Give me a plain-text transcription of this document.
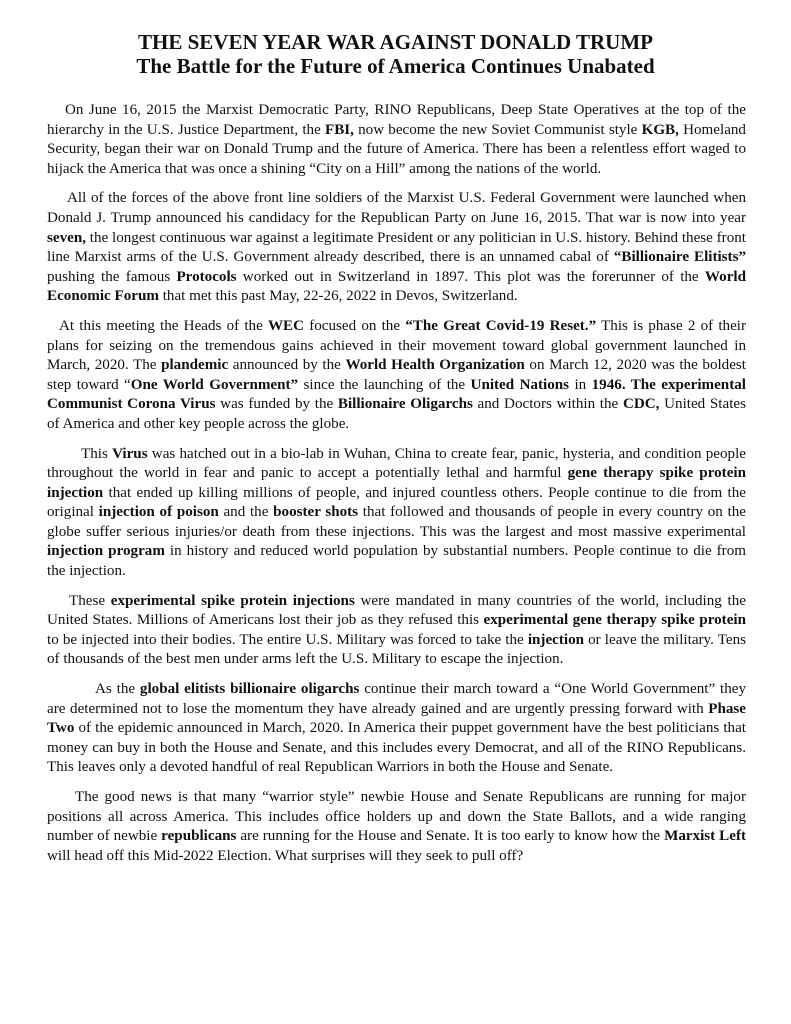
THE SEVEN YEAR WAR AGAINST DONALD TRUMP
The Battle for the Future of America Continues Unabated

On June 16, 2015 the Marxist Democratic Party, RINO Republicans, Deep State Operatives at the top of the hierarchy in the U.S. Justice Department, the FBI, now become the new Soviet Communist style KGB, Homeland Security, began their war on Donald Trump and the future of America. There has been a relentless effort waged to hijack the America that was once a shining “City on a Hill” among the nations of the world.

All of the forces of the above front line soldiers of the Marxist U.S. Federal Government were launched when Donald J. Trump announced his candidacy for the Republican Party on June 16, 2015. That war is now into year seven, the longest continuous war against a legitimate President or any politician in U.S. history. Behind these front line Marxist arms of the U.S. Government already described, there is an unnamed cabal of “Billionaire Elitists” pushing the famous Protocols worked out in Switzerland in 1897. This plot was the forerunner of the World Economic Forum that met this past May, 22-26, 2022 in Devos, Switzerland.

At this meeting the Heads of the WEC focused on the “The Great Covid-19 Reset.” This is phase 2 of their plans for seizing on the tremendous gains achieved in their movement toward global government launched in March, 2020. The plandemic announced by the World Health Organization on March 12, 2020 was the boldest step toward “One World Government” since the launching of the United Nations in 1946. The experimental Communist Corona Virus was funded by the Billionaire Oligarchs and Doctors within the CDC, United States of America and other key people across the globe.

This Virus was hatched out in a bio-lab in Wuhan, China to create fear, panic, hysteria, and condition people throughout the world in fear and panic to accept a potentially lethal and harmful gene therapy spike protein injection that ended up killing millions of people, and injured countless others. People continue to die from the original injection of poison and the booster shots that followed and thousands of people in every country on the globe suffer serious injuries/or death from these injections. This was the largest and most massive experimental injection program in history and reduced world population by substantial numbers. People continue to die from the injection.

These experimental spike protein injections were mandated in many countries of the world, including the United States. Millions of Americans lost their job as they refused this experimental gene therapy spike protein to be injected into their bodies. The entire U.S. Military was forced to take the injection or leave the military. Tens of thousands of the best men under arms left the U.S. Military to escape the injection.

As the global elitists billionaire oligarchs continue their march toward a “One World Government” they are determined not to lose the momentum they have already gained and are urgently pressing forward with Phase Two of the epidemic announced in March, 2020. In America their puppet government have the best politicians that money can buy in both the House and Senate, and this includes every Democrat, and all of the RINO Republicans. This leaves only a devoted handful of real Republican Warriors in both the House and Senate.

The good news is that many “warrior style” newbie House and Senate Republicans are running for major positions all across America. This includes office holders up and down the State Ballots, and a wide ranging number of newbie republicans are running for the House and Senate. It is too early to know how the Marxist Left will head off this Mid-2022 Election. What surprises will they seek to pull off?
